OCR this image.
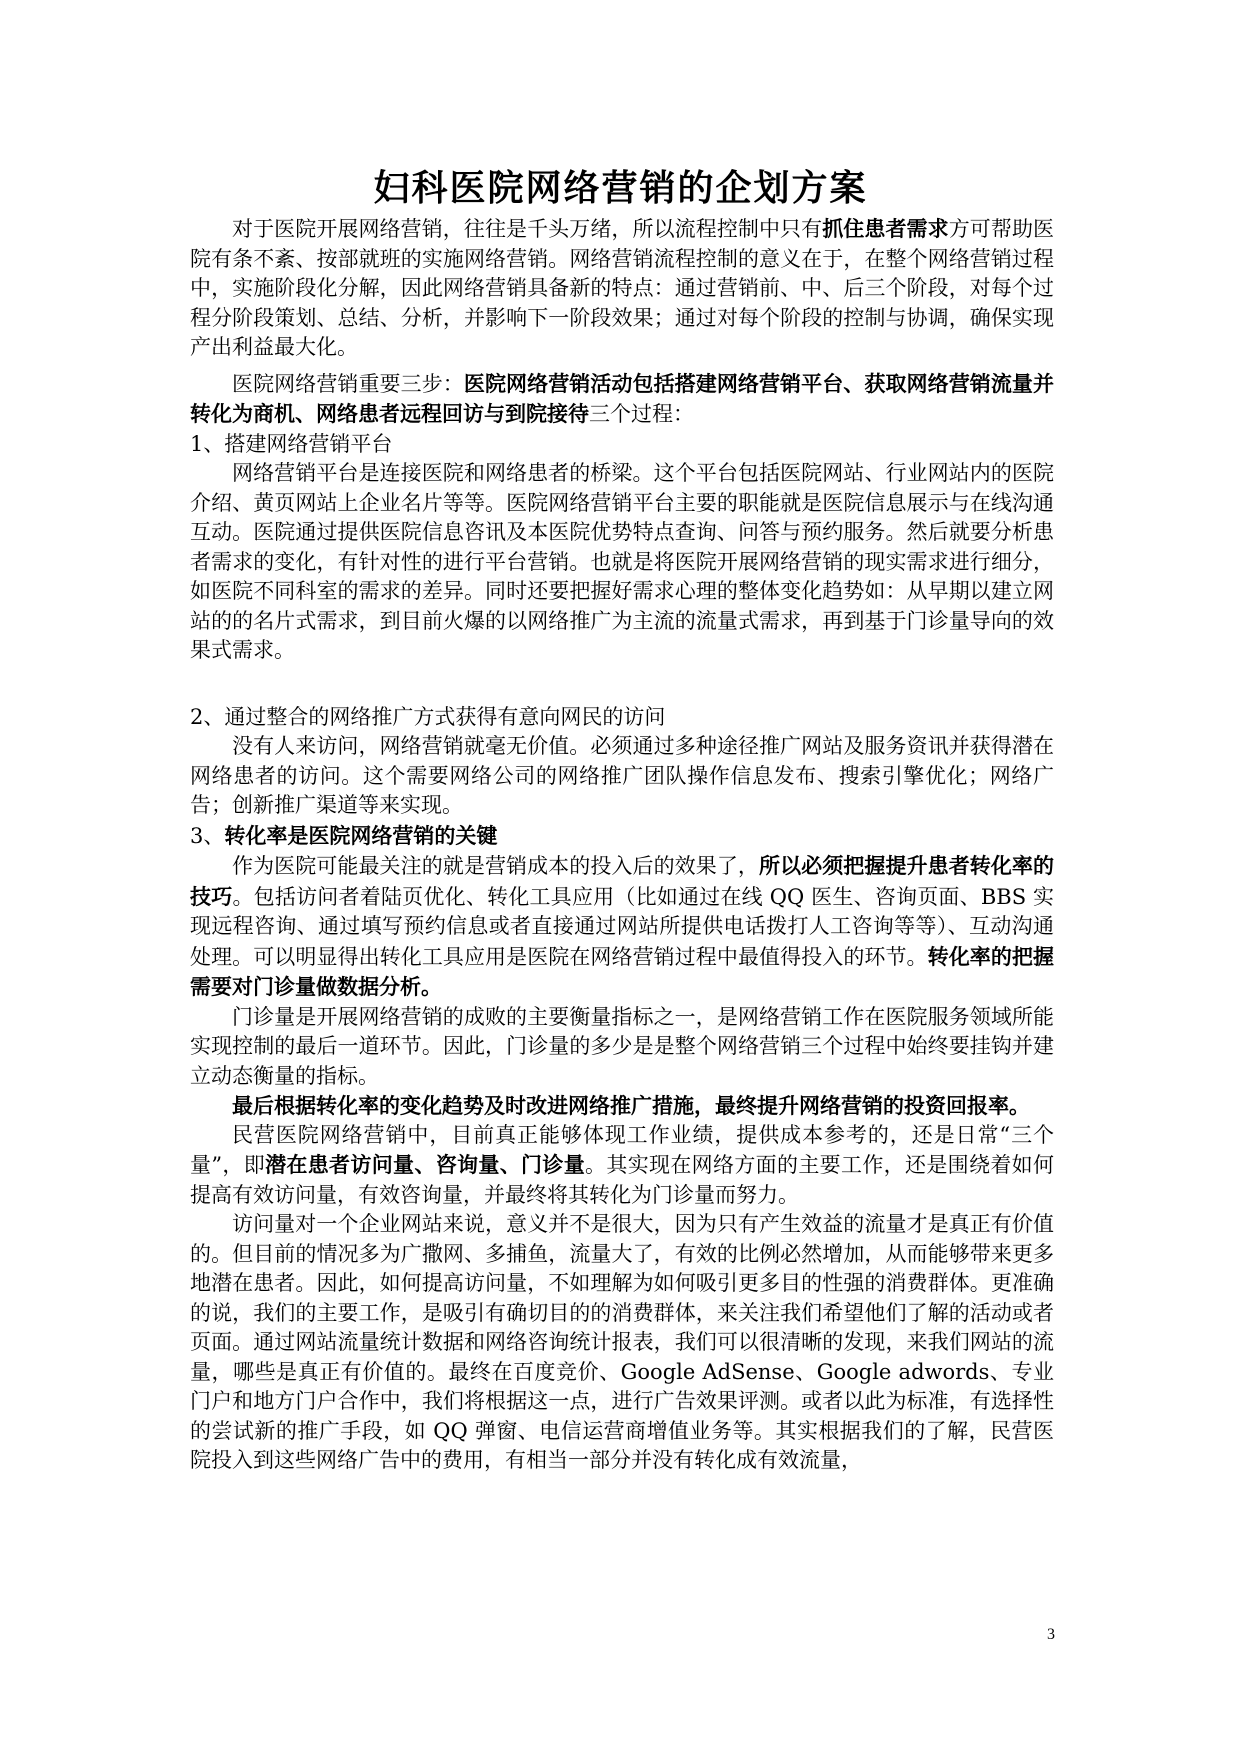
妇科医院网络营销的企划方案

对于医院开展网络营销，往往是千头万绪，所以流程控制中只有抓住患者需求方可帮助医院有条不紊、按部就班的实施网络营销。网络营销流程控制的意义在于，在整个网络营销过程中，实施阶段化分解，因此网络营销具备新的特点：通过营销前、中、后三个阶段，对每个过程分阶段策划、总结、分析，并影响下一阶段效果；通过对每个阶段的控制与协调，确保实现产出利益最大化。

医院网络营销重要三步：医院网络营销活动包括搭建网络营销平台、获取网络营销流量并转化为商机、网络患者远程回访与到院接待三个过程：

1、搭建网络营销平台

网络营销平台是连接医院和网络患者的桥梁。这个平台包括医院网站、行业网站内的医院介绍、黄页网站上企业名片等等。医院网络营销平台主要的职能就是医院信息展示与在线沟通互动。医院通过提供医院信息咨讯及本医院优势特点查询、问答与预约服务。然后就要分析患者需求的变化，有针对性的进行平台营销。也就是将医院开展网络营销的现实需求进行细分，如医院不同科室的需求的差异。同时还要把握好需求心理的整体变化趋势如：从早期以建立网站的的名片式需求，到目前火爆的以网络推广为主流的流量式需求，再到基于门诊量导向的效果式需求。

2、通过整合的网络推广方式获得有意向网民的访问

没有人来访问，网络营销就毫无价值。必须通过多种途径推广网站及服务资讯并获得潜在网络患者的访问。这个需要网络公司的网络推广团队操作信息发布、搜索引擎优化；网络广告；创新推广渠道等来实现。

3、转化率是医院网络营销的关键

作为医院可能最关注的就是营销成本的投入后的效果了，所以必须把握提升患者转化率的技巧。包括访问者着陆页优化、转化工具应用（比如通过在线 QQ 医生、咨询页面、BBS 实现远程咨询、通过填写预约信息或者直接通过网站所提供电话拨打人工咨询等等）、互动沟通处理。可以明显得出转化工具应用是医院在网络营销过程中最值得投入的环节。转化率的把握需要对门诊量做数据分析。

门诊量是开展网络营销的成败的主要衡量指标之一，是网络营销工作在医院服务领域所能实现控制的最后一道环节。因此，门诊量的多少是是整个网络营销三个过程中始终要挂钩并建立动态衡量的指标。

最后根据转化率的变化趋势及时改进网络推广措施，最终提升网络营销的投资回报率。

民营医院网络营销中，目前真正能够体现工作业绩，提供成本参考的，还是日常“三个量”，即潜在患者访问量、咨询量、门诊量。其实现在网络方面的主要工作，还是围绕着如何提高有效访问量，有效咨询量，并最终将其转化为门诊量而努力。

访问量对一个企业网站来说，意义并不是很大，因为只有产生效益的流量才是真正有价值的。但目前的情况多为广撒网、多捕鱼，流量大了，有效的比例必然增加，从而能够带来更多地潜在患者。因此，如何提高访问量，不如理解为如何吸引更多目的性强的消费群体。更准确的说，我们的主要工作，是吸引有确切目的的消费群体，来关注我们希望他们了解的活动或者页面。通过网站流量统计数据和网络咨询统计报表，我们可以很清晰的发现，来我们网站的流量，哪些是真正有价值的。最终在百度竞价、Google AdSense、Google adwords、专业门户和地方门户合作中，我们将根据这一点，进行广告效果评测。或者以此为标准，有选择性的尝试新的推广手段，如 QQ 弹窗、电信运营商增值业务等。其实根据我们的了解，民营医院投入到这些网络广告中的费用，有相当一部分并没有转化成有效流量，

3
